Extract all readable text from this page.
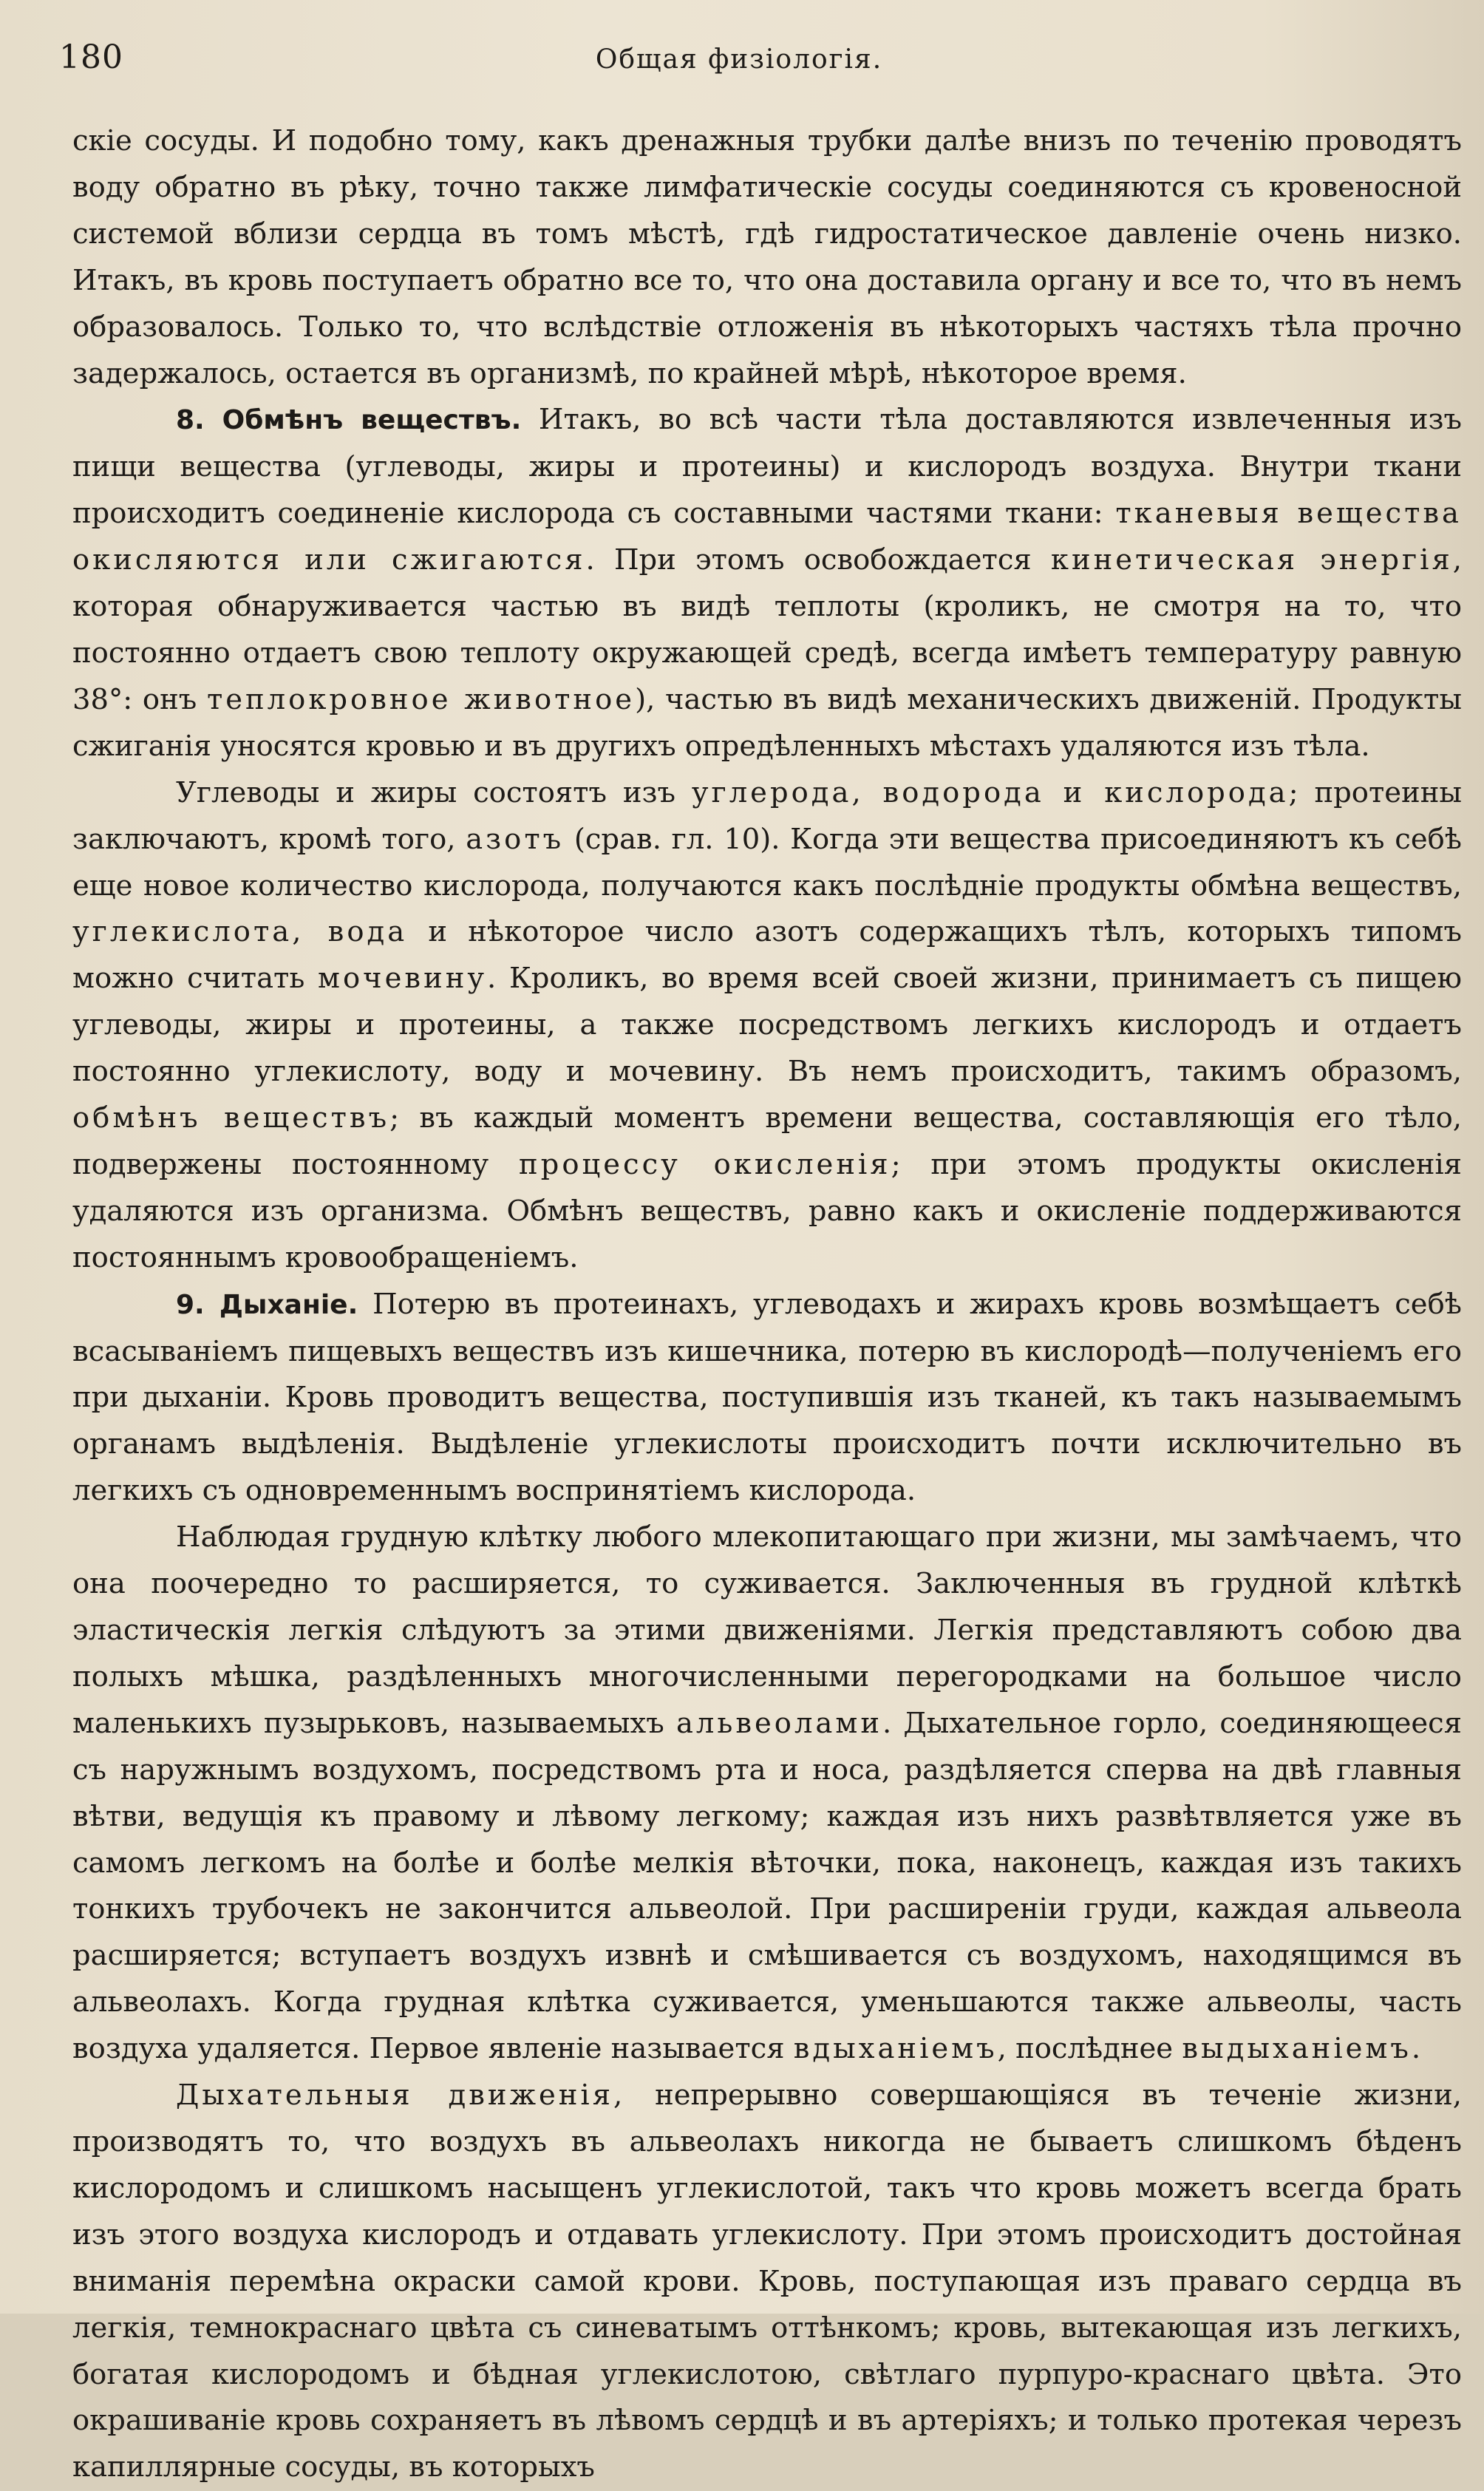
180	Общая физіологія.

скіе сосуды. И подобно тому, какъ дренажныя трубки далѣе внизъ по теченію проводятъ воду обратно въ рѣку, точно также лимфатическіе сосуды соединяются съ кровеносной системой вблизи сердца въ томъ мѣстѣ, гдѣ гидростатическое давленіе очень низко. Итакъ, въ кровь поступаетъ обратно все то, что она доставила органу и все то, что въ немъ образовалось. Только то, что вслѣдствіе отложенія въ нѣкоторыхъ частяхъ тѣла прочно задержалось, остается въ организмѣ, по крайней мѣрѣ, нѣкоторое время.

8. Обмѣнъ веществъ. Итакъ, во всѣ части тѣла доставляются извлеченныя изъ пищи вещества (углеводы, жиры и протеины) и кислородъ воздуха. Внутри ткани происходитъ соединеніе кислорода съ составными частями ткани: тканевыя вещества окисляются или сжигаются. При этомъ освобождается кинетическая энергія, которая обнаруживается частью въ видѣ теплоты (кроликъ, не смотря на то, что постоянно отдаетъ свою теплоту окружающей средѣ, всегда имѣетъ температуру равную 38°: онъ теплокровное животное), частью въ видѣ механическихъ движеній. Продукты сжиганія уносятся кровью и въ другихъ опредѣленныхъ мѣстахъ удаляются изъ тѣла.

Углеводы и жиры состоятъ изъ углерода, водорода и кислорода; протеины заключаютъ, кромѣ того, азотъ (срав. гл. 10). Когда эти вещества присоединяютъ къ себѣ еще новое количество кислорода, получаются какъ послѣдніе продукты обмѣна веществъ, углекислота, вода и нѣкоторое число азотъ содержащихъ тѣлъ, которыхъ типомъ можно считать мочевину. Кроликъ, во время всей своей жизни, принимаетъ съ пищею углеводы, жиры и протеины, а также посредствомъ легкихъ кислородъ и отдаетъ постоянно углекислоту, воду и мочевину. Въ немъ происходитъ, такимъ образомъ, обмѣнъ веществъ; въ каждый моментъ времени вещества, составляющія его тѣло, подвержены постоянному процессу окисленія; при этомъ продукты окисленія удаляются изъ организма. Обмѣнъ веществъ, равно какъ и окисленіе поддерживаются постояннымъ кровообращеніемъ.

9. Дыханіе. Потерю въ протеинахъ, углеводахъ и жирахъ кровь возмѣщаетъ себѣ всасываніемъ пищевыхъ веществъ изъ кишечника, потерю въ кислородѣ—полученіемъ его при дыханіи. Кровь проводитъ вещества, поступившія изъ тканей, къ такъ называемымъ органамъ выдѣленія. Выдѣленіе углекислоты происходитъ почти исключительно въ легкихъ съ одновременнымъ воспринятіемъ кислорода.

Наблюдая грудную клѣтку любого млекопитающаго при жизни, мы замѣчаемъ, что она поочередно то расширяется, то суживается. Заключенныя въ грудной клѣткѣ эластическія легкія слѣдуютъ за этими движеніями. Легкія представляютъ собою два полыхъ мѣшка, раздѣленныхъ многочисленными перегородками на большое число маленькихъ пузырьковъ, называемыхъ альвеолами. Дыхательное горло, соединяющееся съ наружнымъ воздухомъ, посредствомъ рта и носа, раздѣляется сперва на двѣ главныя вѣтви, ведущія къ правому и лѣвому легкому; каждая изъ нихъ развѣтвляется уже въ самомъ легкомъ на болѣе и болѣе мелкія вѣточки, пока, наконецъ, каждая изъ такихъ тонкихъ трубочекъ не закончится альвеолой. При расширеніи груди, каждая альвеола расширяется; вступаетъ воздухъ извнѣ и смѣшивается съ воздухомъ, находящимся въ альвеолахъ. Когда грудная клѣтка суживается, уменьшаются также альвеолы, часть воздуха удаляется. Первое явленіе называется вдыханіемъ, послѣднее выдыханіемъ.

Дыхательныя движенія, непрерывно совершающіяся въ теченіе жизни, производятъ то, что воздухъ въ альвеолахъ никогда не бываетъ слишкомъ бѣденъ кислородомъ и слишкомъ насыщенъ углекислотой, такъ что кровь можетъ всегда брать изъ этого воздуха кислородъ и отдавать углекислоту. При этомъ происходитъ достойная вниманія перемѣна окраски самой крови. Кровь, поступающая изъ праваго сердца въ легкія, темнокраснаго цвѣта съ синеватымъ оттѣнкомъ; кровь, вытекающая изъ легкихъ, богатая кислородомъ и бѣдная углекислотою, свѣтлаго пурпуро-краснаго цвѣта. Это окрашиваніе кровь сохраняетъ въ лѣвомъ сердцѣ и въ артеріяхъ; и только протекая черезъ капиллярные сосуды, въ которыхъ
